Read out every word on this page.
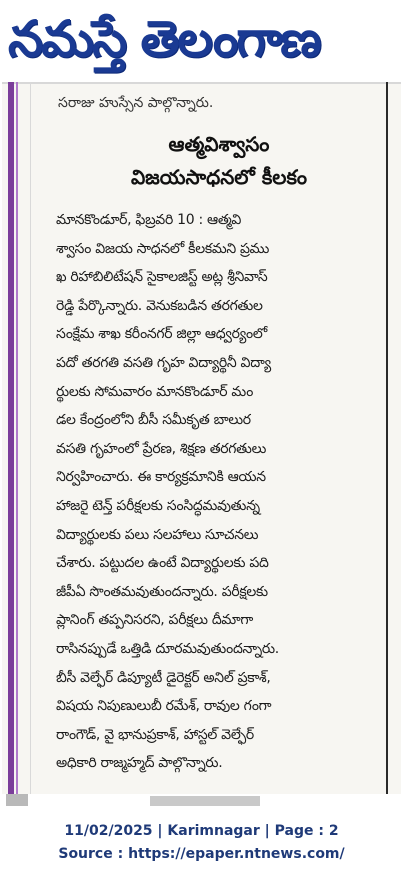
నమస్తే తెలంగాణ
సరాజు హుస్సేన పాల్గొన్నారు.
ఆత్మవిశ్వాసం
విజయసాధనలో కీలకం
మానకొండూర్, ఫిబ్రవరి 10 : ఆత్మవి
శ్వాసం విజయ సాధనలో కీలకమని ప్రము
ఖ రిహాబిలిటేషన్ సైకాలజిస్ట్ అట్ల శ్రీనివాస్
రెడ్డి పేర్కొన్నారు. వెనుకబడిన తరగతుల
సంక్షేమ శాఖ కరీంనగర్ జిల్లా ఆధ్వర్యంలో
పదో తరగతి వసతి గృహ విద్యార్థినీ విద్యా
ర్థులకు సోమవారం మానకొండూర్ మం
డల కేంద్రంలోని బీసీ సమీకృత బాలుర
వసతి గృహంలో ప్రేరణ, శిక్షణ తరగతులు
నిర్వహించారు. ఈ కార్యక్రమానికి ఆయన
హాజరై టెన్త్ పరీక్షలకు సంసిద్ధమవుతున్న
విద్యార్థులకు పలు సలహాలు సూచనలు
చేశారు. పట్టుదల ఉంటే విద్యార్థులకు పది
జీపీఏ సొంతమవుతుందన్నారు. పరీక్షలకు
ప్లానింగ్ తప్పనిసరని, పరీక్షలు దీమాగా
రాసినప్పుడే ఒత్తిడి దూరమవుతుందన్నారు.
బీసీ వెల్ఫేర్ డిప్యూటీ డైరెక్టర్ అనిల్ ప్రకాశ్,
విషయ నిపుణులుబీ రమేశ్, రావుల గంగా
రాంగౌడ్, వై భానుప్రకాశ్, హాస్టల్ వెల్ఫేర్
అధికారి రాజ్మహ్మద్ పాల్గొన్నారు.
11/02/2025 | Karimnagar | Page : 2
Source : https://epaper.ntnews.com/
